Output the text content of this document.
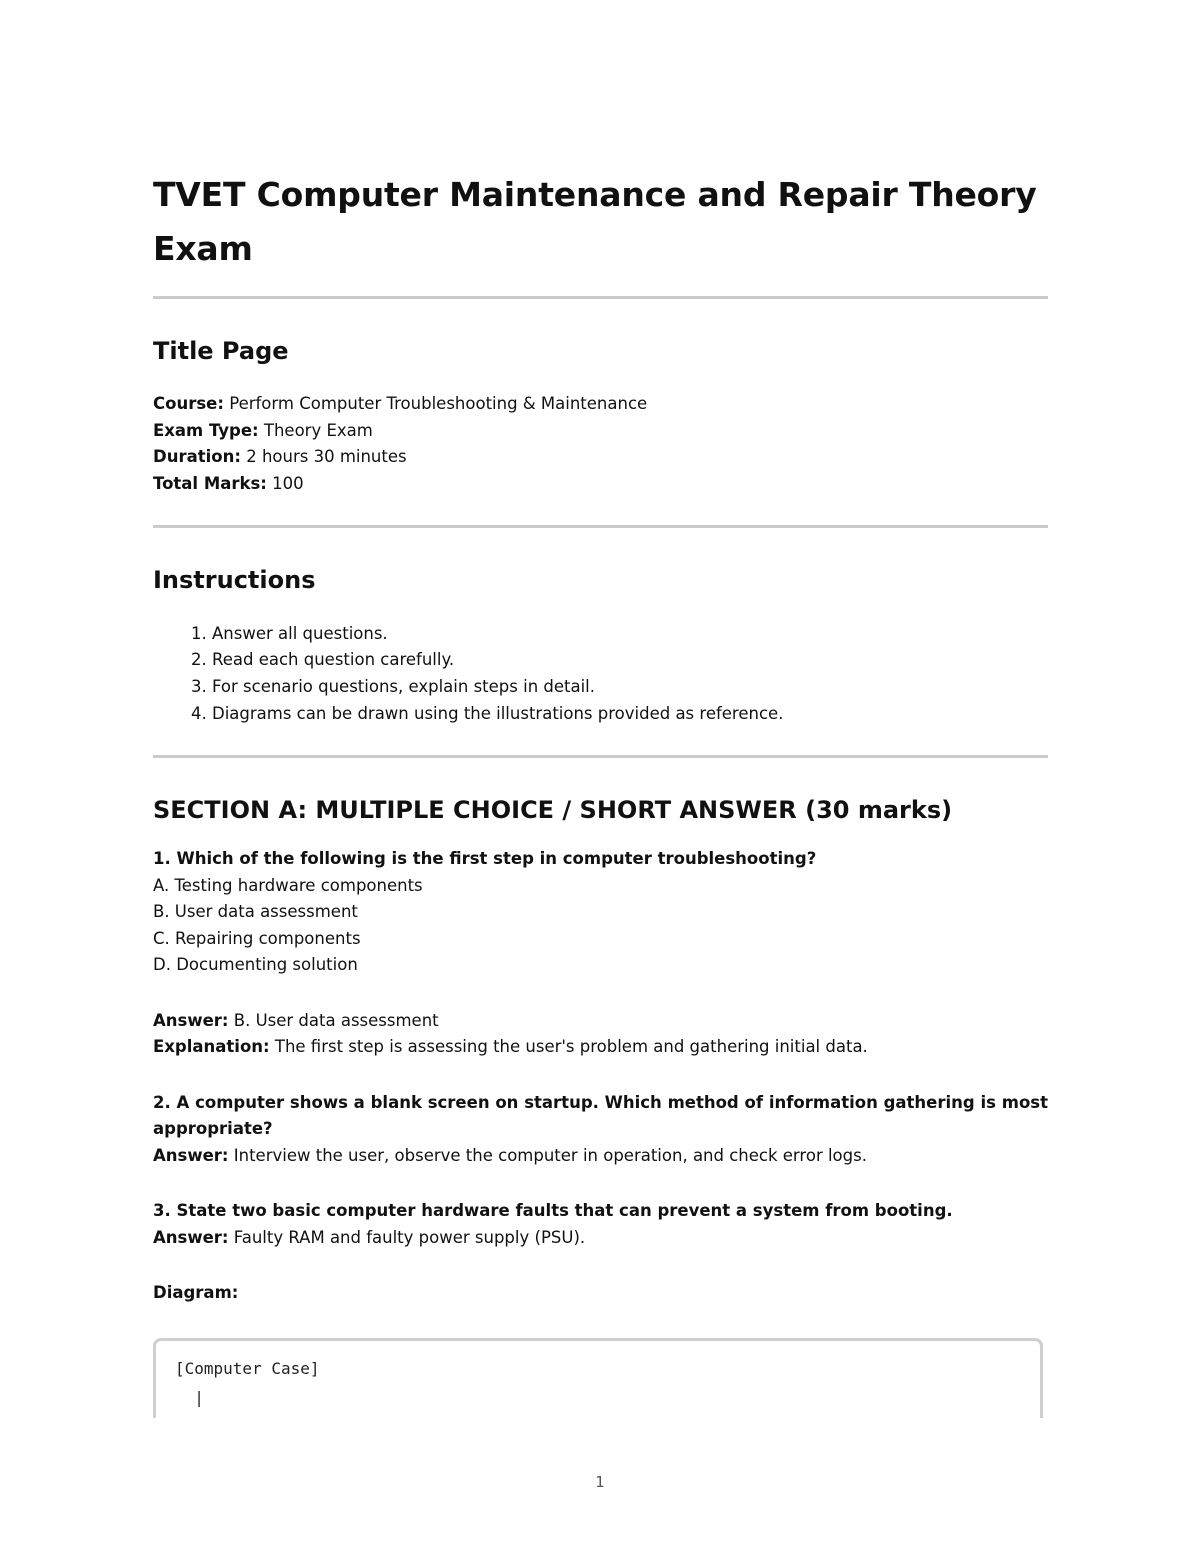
TVET Computer Maintenance and Repair Theory Exam
Title Page
Course: Perform Computer Troubleshooting & Maintenance
Exam Type: Theory Exam
Duration: 2 hours 30 minutes
Total Marks: 100
Instructions
1. Answer all questions.
2. Read each question carefully.
3. For scenario questions, explain steps in detail.
4. Diagrams can be drawn using the illustrations provided as reference.
SECTION A: MULTIPLE CHOICE / SHORT ANSWER (30 marks)
1. Which of the following is the first step in computer troubleshooting?
A. Testing hardware components
B. User data assessment
C. Repairing components
D. Documenting solution
Answer: B. User data assessment
Explanation: The first step is assessing the user's problem and gathering initial data.
2. A computer shows a blank screen on startup. Which method of information gathering is most appropriate?
Answer: Interview the user, observe the computer in operation, and check error logs.
3. State two basic computer hardware faults that can prevent a system from booting.
Answer: Faulty RAM and faulty power supply (PSU).
Diagram:
[Computer Case]
|
1
